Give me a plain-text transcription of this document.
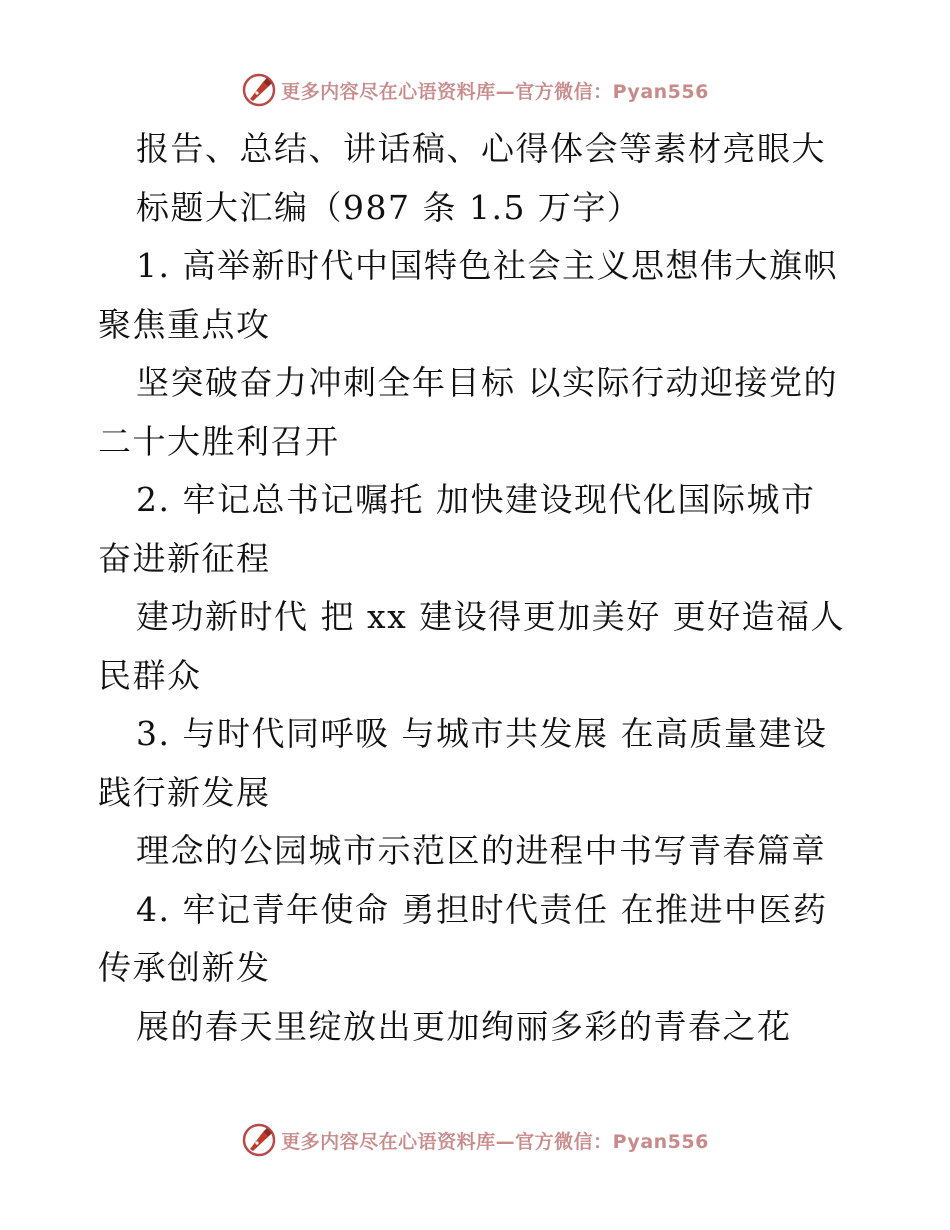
更多内容尽在心语资料库—官方微信：Pyan556
报告、总结、讲话稿、心得体会等素材亮眼大
标题大汇编（987 条 1.5 万字）
1. 高举新时代中国特色社会主义思想伟大旗帜
聚焦重点攻
坚突破奋力冲刺全年目标 以实际行动迎接党的
二十大胜利召开
2. 牢记总书记嘱托 加快建设现代化国际城市
奋进新征程
建功新时代 把 xx 建设得更加美好 更好造福人
民群众
3. 与时代同呼吸 与城市共发展 在高质量建设
践行新发展
理念的公园城市示范区的进程中书写青春篇章
4. 牢记青年使命 勇担时代责任 在推进中医药
传承创新发
展的春天里绽放出更加绚丽多彩的青春之花
更多内容尽在心语资料库—官方微信：Pyan556
